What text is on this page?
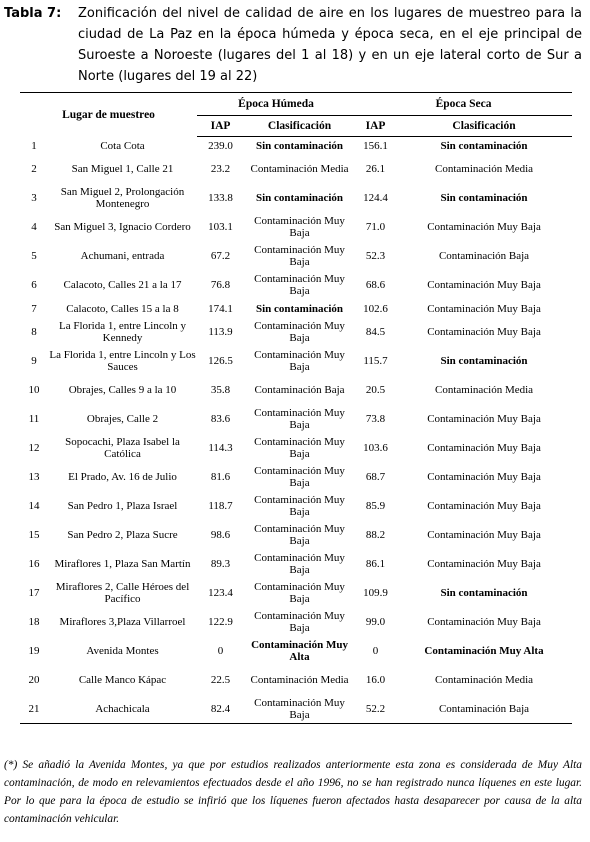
Tabla 7: Zonificación del nivel de calidad de aire en los lugares de muestreo para la ciudad de La Paz en la época húmeda y época seca, en el eje principal de Suroeste a Noroeste (lugares del 1 al 18) y en un eje lateral corto de Sur a Norte (lugares del 19 al 22)
Lugar de muestreo		Época Húmeda		Época Seca	
		IAP	Clasificación	IAP	Clasificación
1	Cota Cota	239.0	Sin contaminación	156.1	Sin contaminación
2	San Miguel 1, Calle 21	23.2	Contaminación Media	26.1	Contaminación Media
3	San Miguel 2, Prolongación Montenegro	133.8	Sin contaminación	124.4	Sin contaminación
4	San Miguel 3, Ignacio Cordero	103.1	Contaminación Muy Baja	71.0	Contaminación Muy Baja
5	Achumani, entrada	67.2	Contaminación Muy Baja	52.3	Contaminación Baja
6	Calacoto, Calles 21 a la 17	76.8	Contaminación Muy Baja	68.6	Contaminación Muy Baja
7	Calacoto, Calles 15 a la 8	174.1	Sin contaminación	102.6	Contaminación Muy Baja
8	La Florida 1, entre Lincoln y Kennedy	113.9	Contaminación Muy Baja	84.5	Contaminación Muy Baja
9	La Florida 1, entre Lincoln y Los Sauces	126.5	Contaminación Muy Baja	115.7	Sin contaminación
10	Obrajes, Calles 9 a la 10	35.8	Contaminación Baja	20.5	Contaminación Media
11	Obrajes, Calle 2	83.6	Contaminación Muy Baja	73.8	Contaminación Muy Baja
12	Sopocachi, Plaza Isabel la Católica	114.3	Contaminación Muy Baja	103.6	Contaminación Muy Baja
13	El Prado, Av. 16 de Julio	81.6	Contaminación Muy Baja	68.7	Contaminación Muy Baja
14	San Pedro 1, Plaza Israel	118.7	Contaminación Muy Baja	85.9	Contaminación Muy Baja
15	San Pedro 2, Plaza Sucre	98.6	Contaminación Muy Baja	88.2	Contaminación Muy Baja
16	Miraflores 1, Plaza San Martín	89.3	Contaminación Muy Baja	86.1	Contaminación Muy Baja
17	Miraflores 2, Calle Héroes del Pacífico	123.4	Contaminación Muy Baja	109.9	Sin contaminación
18	Miraflores 3,Plaza Villarroel	122.9	Contaminación Muy Baja	99.0	Contaminación Muy Baja
19	Avenida Montes	0	Contaminación Muy Alta	0	Contaminación Muy Alta
20	Calle Manco Kápac	22.5	Contaminación Media	16.0	Contaminación Media
21	Achachicala	82.4	Contaminación Muy Baja	52.2	Contaminación Baja
(*) Se añadió la Avenida Montes, ya que por estudios realizados anteriormente esta zona es considerada de Muy Alta contaminación, de modo en relevamientos efectuados desde el año 1996, no se han registrado nunca líquenes en este lugar. Por lo que para la época de estudio se infirió que los líquenes fueron afectados hasta desaparecer por causa de la alta contaminación vehicular.
